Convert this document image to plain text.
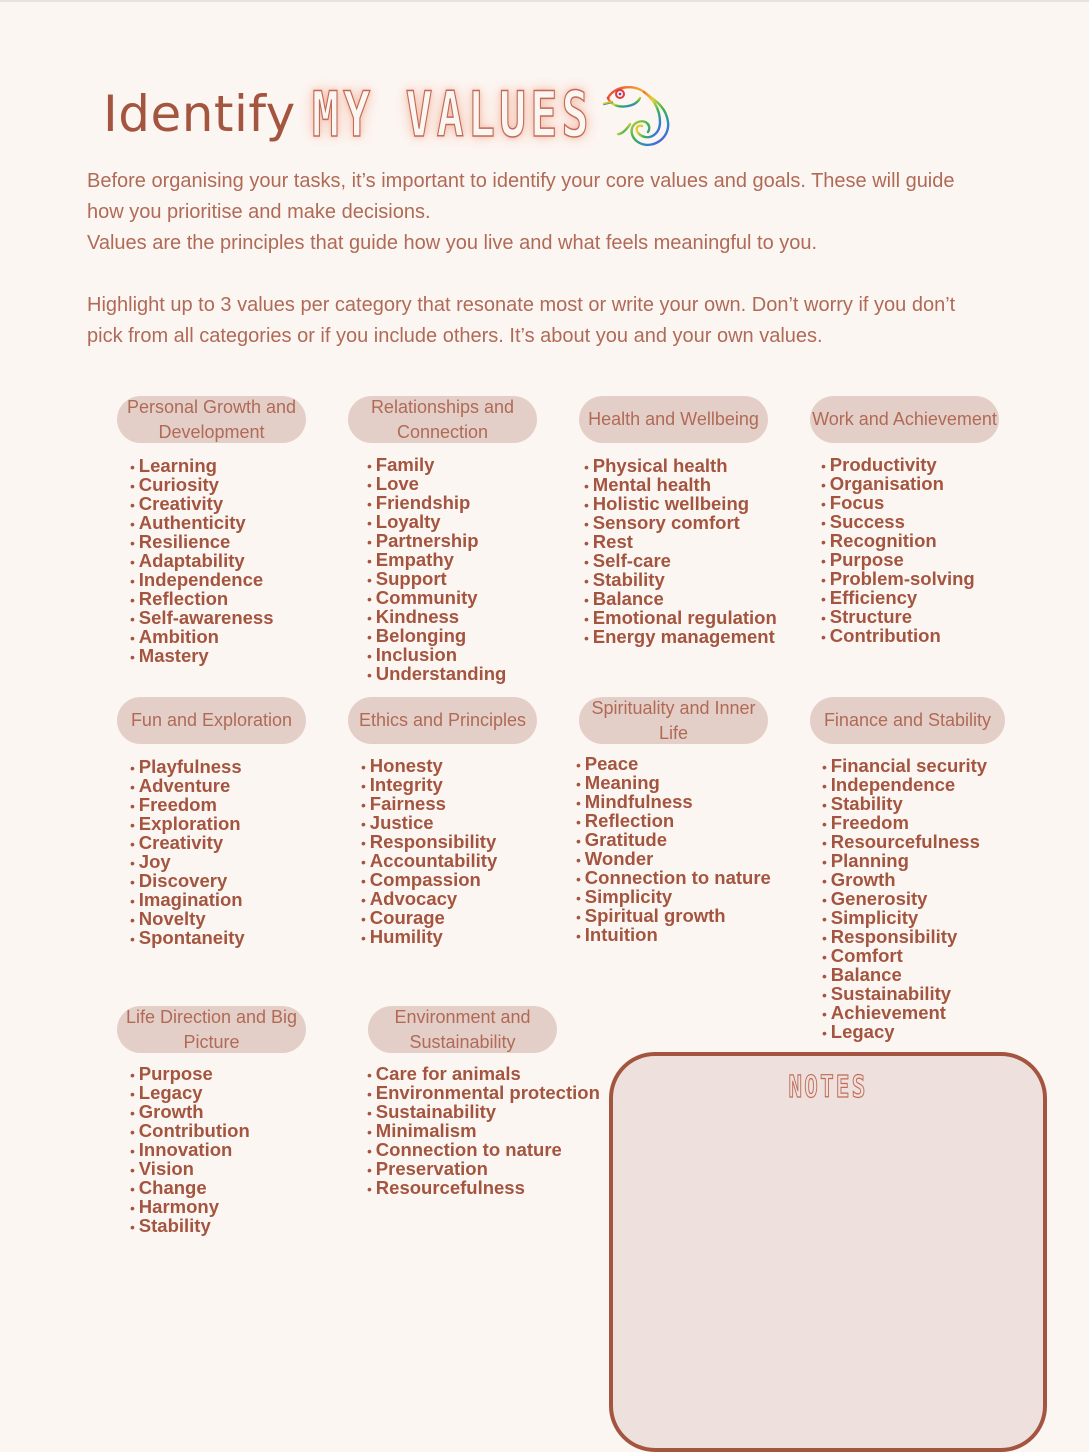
Identify MY VALUES

Before organising your tasks, it’s important to identify your core values and goals. These will guide how you prioritise and make decisions.

Values are the principles that guide how you live and what feels meaningful to you.

Highlight up to 3 values per category that resonate most or write your own. Don’t worry if you don’t pick from all categories or if you include others. It’s about you and your own values.

Personal Growth and Development
• Learning
• Curiosity
• Creativity
• Authenticity
• Resilience
• Adaptability
• Independence
• Reflection
• Self-awareness
• Ambition
• Mastery
Relationships and Connection
• Family
• Love
• Friendship
• Loyalty
• Partnership
• Empathy
• Support
• Community
• Kindness
• Belonging
• Inclusion
• Understanding
Health and Wellbeing
• Physical health
• Mental health
• Holistic wellbeing
• Sensory comfort
• Rest
• Self-care
• Stability
• Balance
• Emotional regulation
• Energy management
Work and Achievement
• Productivity
• Organisation
• Focus
• Success
• Recognition
• Purpose
• Problem-solving
• Efficiency
• Structure
• Contribution
Fun and Exploration
• Playfulness
• Adventure
• Freedom
• Exploration
• Creativity
• Joy
• Discovery
• Imagination
• Novelty
• Spontaneity
Ethics and Principles
• Honesty
• Integrity
• Fairness
• Justice
• Responsibility
• Accountability
• Compassion
• Advocacy
• Courage
• Humility
Spirituality and Inner Life
• Peace
• Meaning
• Mindfulness
• Reflection
• Gratitude
• Wonder
• Connection to nature
• Simplicity
• Spiritual growth
• Intuition
Finance and Stability
• Financial security
• Independence
• Stability
• Freedom
• Resourcefulness
• Planning
• Growth
• Generosity
• Simplicity
• Responsibility
• Comfort
• Balance
• Sustainability
• Achievement
• Legacy
Life Direction and Big Picture
• Purpose
• Legacy
• Growth
• Contribution
• Innovation
• Vision
• Change
• Harmony
• Stability
Environment and Sustainability
• Care for animals
• Environmental protection
• Sustainability
• Minimalism
• Connection to nature
• Preservation
• Resourcefulness
NOTES
